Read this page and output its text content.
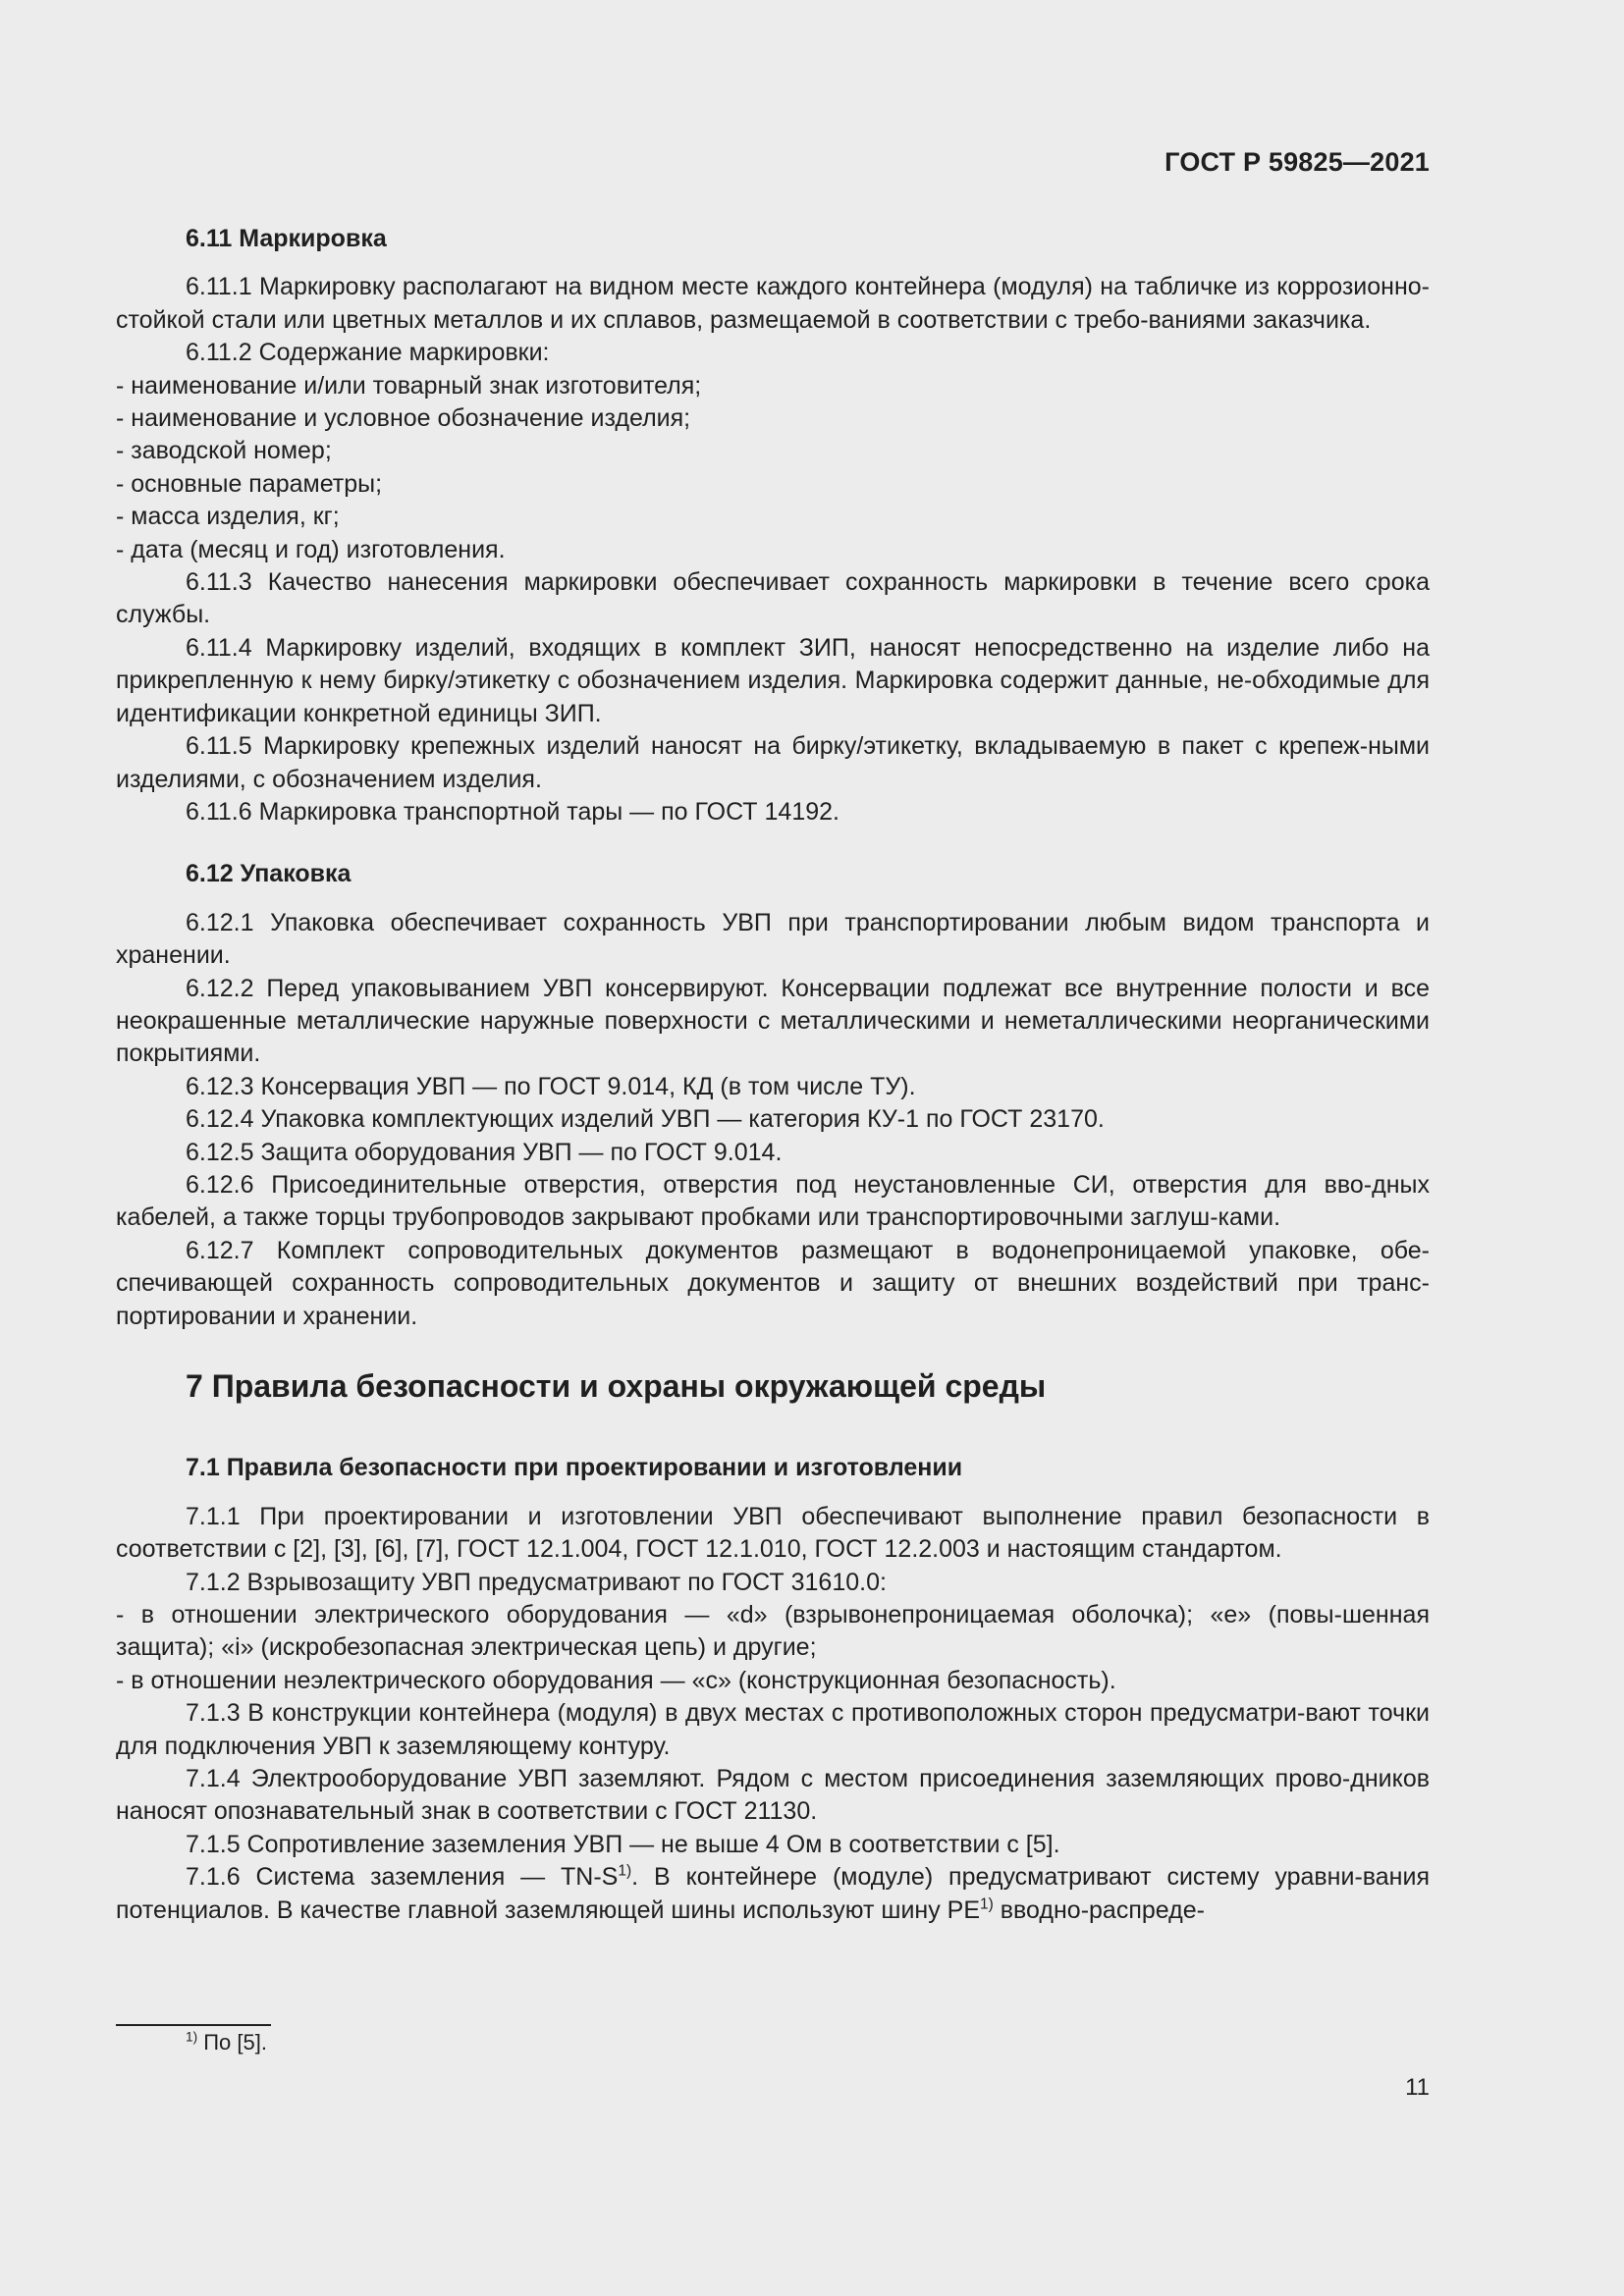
ГОСТ Р 59825—2021

6.11 Маркировка

6.11.1 Маркировку располагают на видном месте каждого контейнера (модуля) на табличке из коррозионно-стойкой стали или цветных металлов и их сплавов, размещаемой в соответствии с требо-ваниями заказчика.

6.11.2 Содержание маркировки:

- наименование и/или товарный знак изготовителя;

- наименование и условное обозначение изделия;

- заводской номер;

- основные параметры;

- масса изделия, кг;

- дата (месяц и год) изготовления.

6.11.3 Качество нанесения маркировки обеспечивает сохранность маркировки в течение всего срока службы.

6.11.4 Маркировку изделий, входящих в комплект ЗИП, наносят непосредственно на изделие либо на прикрепленную к нему бирку/этикетку с обозначением изделия. Маркировка содержит данные, не-обходимые для идентификации конкретной единицы ЗИП.

6.11.5 Маркировку крепежных изделий наносят на бирку/этикетку, вкладываемую в пакет с крепеж-ными изделиями, с обозначением изделия.

6.11.6 Маркировка транспортной тары — по ГОСТ 14192.

6.12 Упаковка

6.12.1 Упаковка обеспечивает сохранность УВП при транспортировании любым видом транспорта и хранении.

6.12.2 Перед упаковыванием УВП консервируют. Консервации подлежат все внутренние полости и все неокрашенные металлические наружные поверхности с металлическими и неметаллическими неорганическими покрытиями.

6.12.3 Консервация УВП — по ГОСТ 9.014, КД (в том числе ТУ).

6.12.4 Упаковка комплектующих изделий УВП — категория КУ-1 по ГОСТ 23170.

6.12.5 Защита оборудования УВП — по ГОСТ 9.014.

6.12.6 Присоединительные отверстия, отверстия под неустановленные СИ, отверстия для вво-дных кабелей, а также торцы трубопроводов закрывают пробками или транспортировочными заглуш-ками.

6.12.7 Комплект сопроводительных документов размещают в водонепроницаемой упаковке, обе-спечивающей сохранность сопроводительных документов и защиту от внешних воздействий при транс-портировании и хранении.

7 Правила безопасности и охраны окружающей среды

7.1 Правила безопасности при проектировании и изготовлении

7.1.1 При проектировании и изготовлении УВП обеспечивают выполнение правил безопасности в соответствии с [2], [3], [6], [7], ГОСТ 12.1.004, ГОСТ 12.1.010, ГОСТ 12.2.003 и настоящим стандартом.

7.1.2 Взрывозащиту УВП предусматривают по ГОСТ 31610.0:

- в отношении электрического оборудования — «d» (взрывонепроницаемая оболочка); «е» (повы-шенная защита); «i» (искробезопасная электрическая цепь) и другие;

- в отношении неэлектрического оборудования — «c» (конструкционная безопасность).

7.1.3 В конструкции контейнера (модуля) в двух местах с противоположных сторон предусматри-вают точки для подключения УВП к заземляющему контуру.

7.1.4 Электрооборудование УВП заземляют. Рядом с местом присоединения заземляющих прово-дников наносят опознавательный знак в соответствии с ГОСТ 21130.

7.1.5 Сопротивление заземления УВП — не выше 4 Ом в соответствии с [5].

7.1.6 Система заземления — $TN-S^{1)}$. В контейнере (модуле) предусматривают систему уравни-вания потенциалов. В качестве главной заземляющей шины используют шину PE$^{1)}$ вводно-распреде-

$^{1)}$ По [5].
11
